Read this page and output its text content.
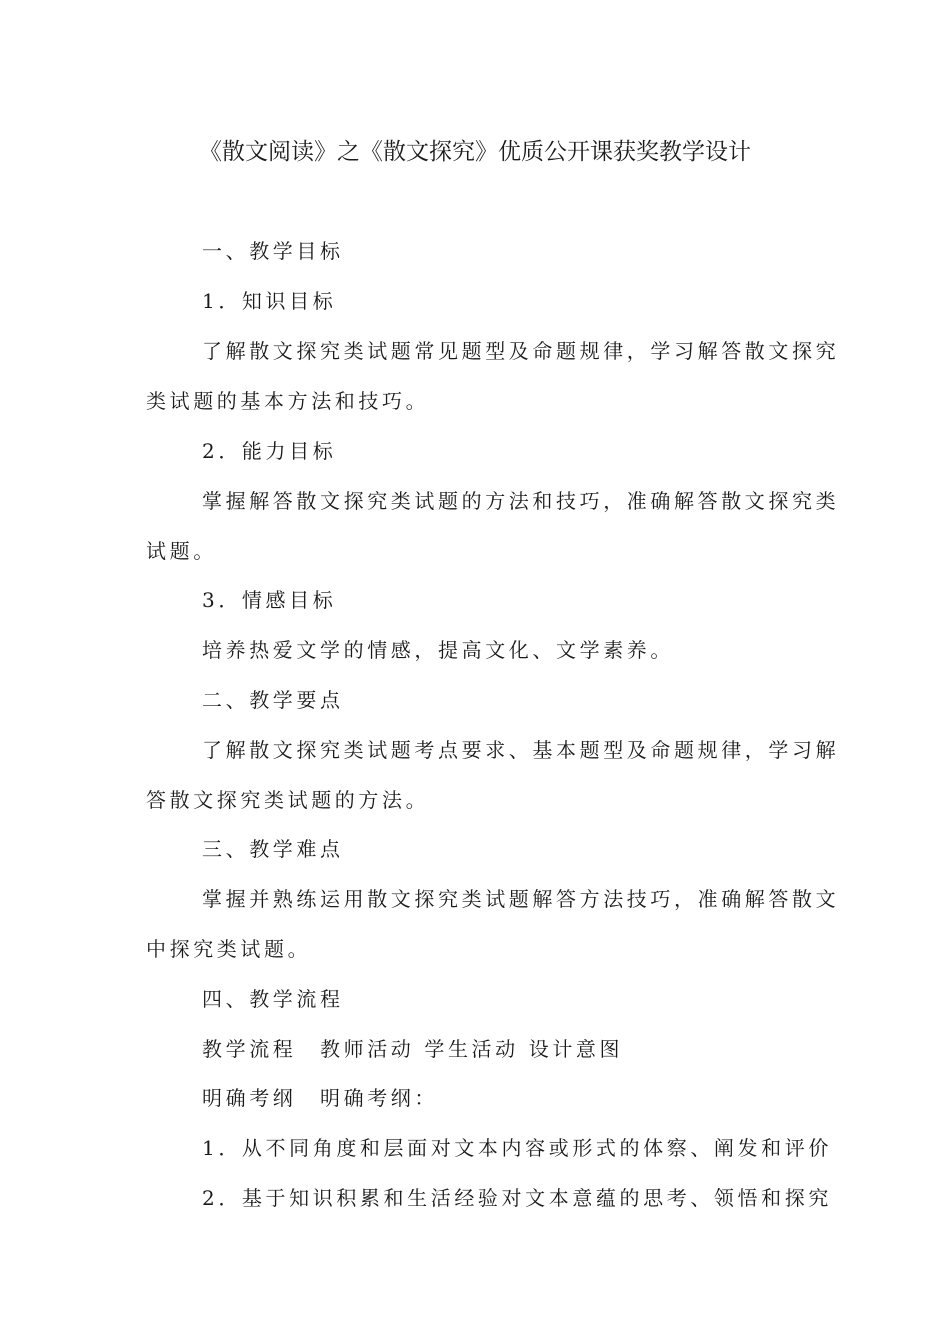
《散文阅读》之《散文探究》优质公开课获奖教学设计
一、教学目标
1．知识目标
了解散文探究类试题常见题型及命题规律，学习解答散文探究
类试题的基本方法和技巧。
2．能力目标
掌握解答散文探究类试题的方法和技巧，准确解答散文探究类
试题。
3．情感目标
培养热爱文学的情感，提高文化、文学素养。
二、教学要点
了解散文探究类试题考点要求、基本题型及命题规律，学习解
答散文探究类试题的方法。
三、教学难点
掌握并熟练运用散文探究类试题解答方法技巧，准确解答散文
中探究类试题。
四、教学流程
教学流程　教师活动 学生活动 设计意图
明确考纲　明确考纲：
1．从不同角度和层面对文本内容或形式的体察、阐发和评价
2．基于知识积累和生活经验对文本意蕴的思考、领悟和探究
